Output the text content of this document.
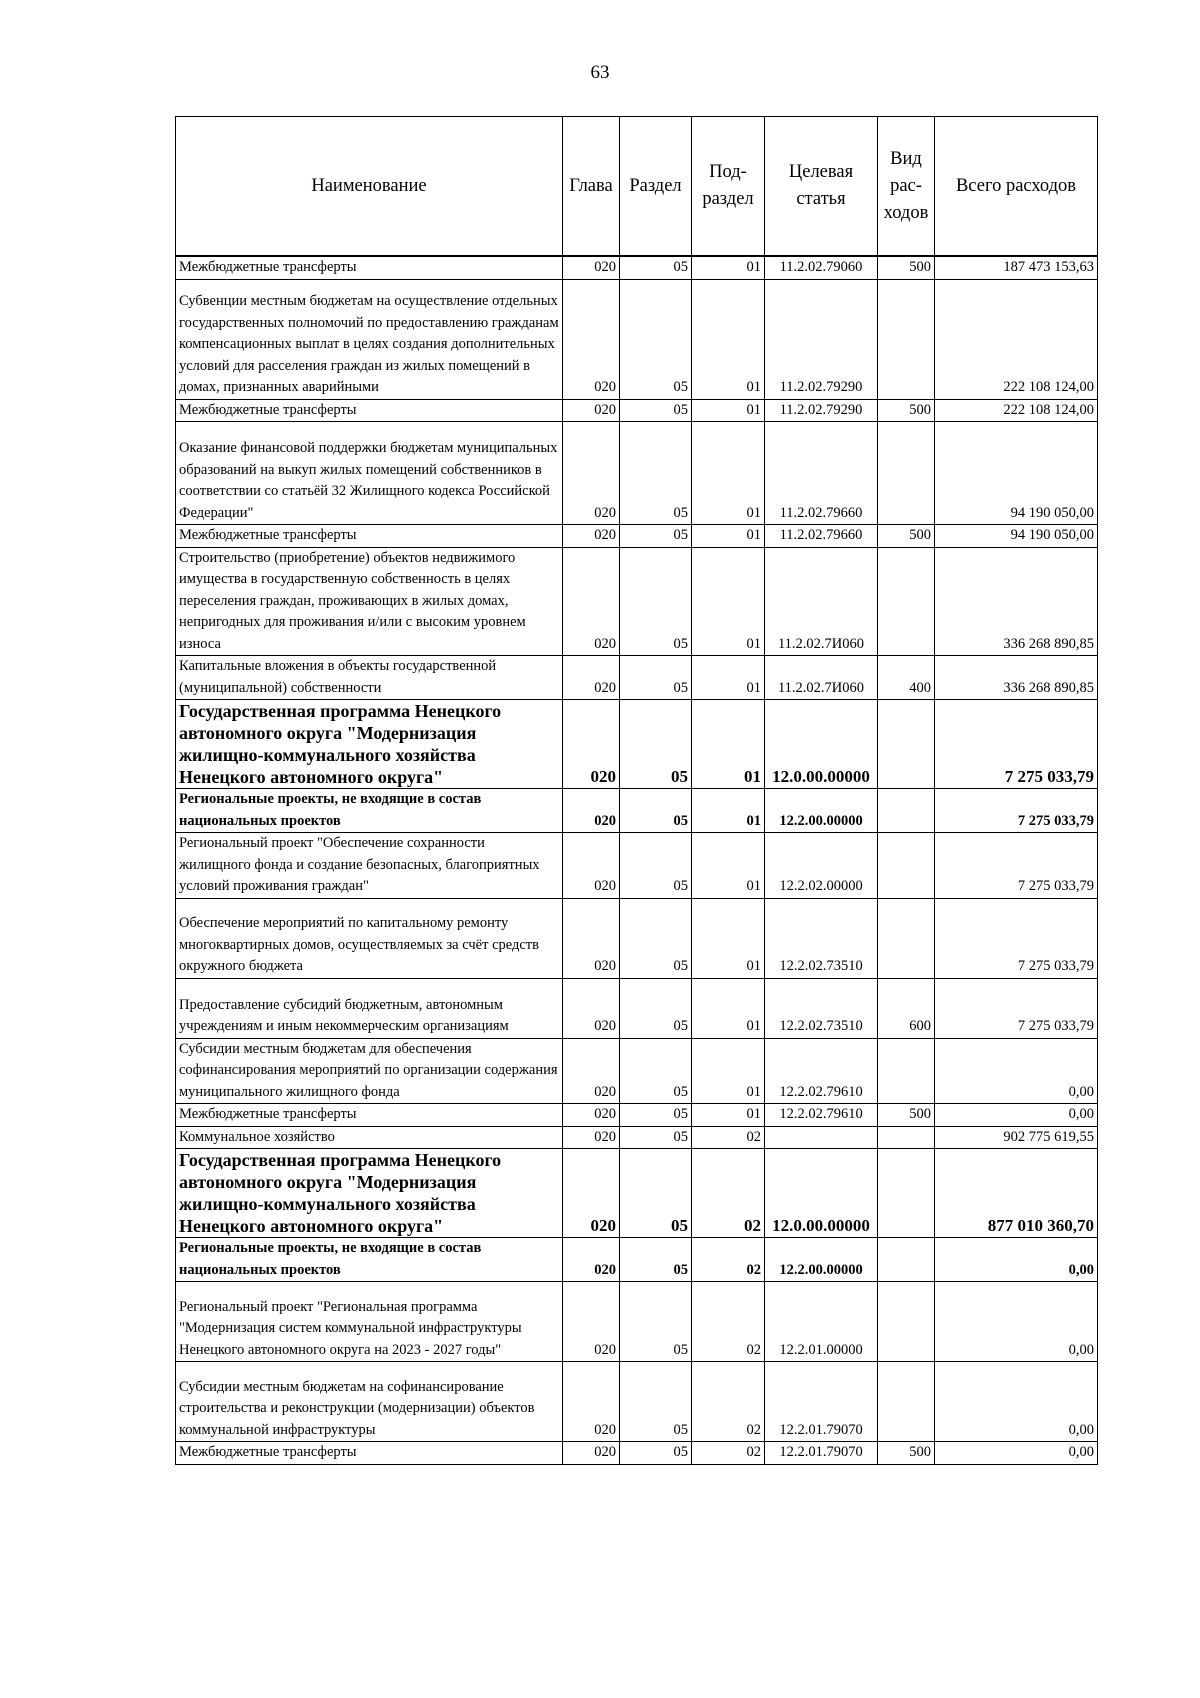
63
Наименование	Глава	Раздел	Под-раздел	Целевая статья	Вид рас-ходов	Всего расходов
Межбюджетные трансферты	020	05	01	11.2.02.79060	500	187 473 153,63
Субвенции местным бюджетам на осуществление отдельных государственных полномочий по предоставлению гражданам компенсационных выплат в целях создания дополнительных условий для расселения граждан из жилых помещений в домах, признанных аварийными	020	05	01	11.2.02.79290		222 108 124,00
Межбюджетные трансферты	020	05	01	11.2.02.79290	500	222 108 124,00
Оказание финансовой поддержки бюджетам муниципальных образований на выкуп жилых помещений собственников в соответствии со статьёй 32 Жилищного кодекса Российской Федерации"	020	05	01	11.2.02.79660		94 190 050,00
Межбюджетные трансферты	020	05	01	11.2.02.79660	500	94 190 050,00
Строительство (приобретение) объектов недвижимого имущества в государственную собственность в целях переселения граждан, проживающих в жилых домах, непригодных для проживания и/или с высоким уровнем износа	020	05	01	11.2.02.7И060		336 268 890,85
Капитальные вложения в объекты государственной (муниципальной) собственности	020	05	01	11.2.02.7И060	400	336 268 890,85
Государственная программа Ненецкого автономного округа "Модернизация жилищно-коммунального хозяйства Ненецкого автономного округа"	020	05	01	12.0.00.00000		7 275 033,79
Региональные проекты, не входящие в состав национальных проектов	020	05	01	12.2.00.00000		7 275 033,79
Региональный проект "Обеспечение сохранности жилищного фонда и создание безопасных, благоприятных условий проживания граждан"	020	05	01	12.2.02.00000		7 275 033,79
Обеспечение мероприятий по капитальному ремонту многоквартирных домов, осуществляемых за счёт средств окружного бюджета	020	05	01	12.2.02.73510		7 275 033,79
Предоставление субсидий бюджетным, автономным учреждениям и иным некоммерческим организациям	020	05	01	12.2.02.73510	600	7 275 033,79
Субсидии местным бюджетам для обеспечения софинансирования мероприятий по организации содержания муниципального жилищного фонда	020	05	01	12.2.02.79610		0,00
Межбюджетные трансферты	020	05	01	12.2.02.79610	500	0,00
Коммунальное хозяйство	020	05	02			902 775 619,55
Государственная программа Ненецкого автономного округа "Модернизация жилищно-коммунального хозяйства Ненецкого автономного округа"	020	05	02	12.0.00.00000		877 010 360,70
Региональные проекты, не входящие в состав национальных проектов	020	05	02	12.2.00.00000		0,00
Региональный проект "Региональная программа "Модернизация систем коммунальной инфраструктуры Ненецкого автономного округа на 2023 - 2027 годы"	020	05	02	12.2.01.00000		0,00
Субсидии местным бюджетам на софинансирование строительства и реконструкции (модернизации) объектов коммунальной инфраструктуры	020	05	02	12.2.01.79070		0,00
Межбюджетные трансферты	020	05	02	12.2.01.79070	500	0,00
